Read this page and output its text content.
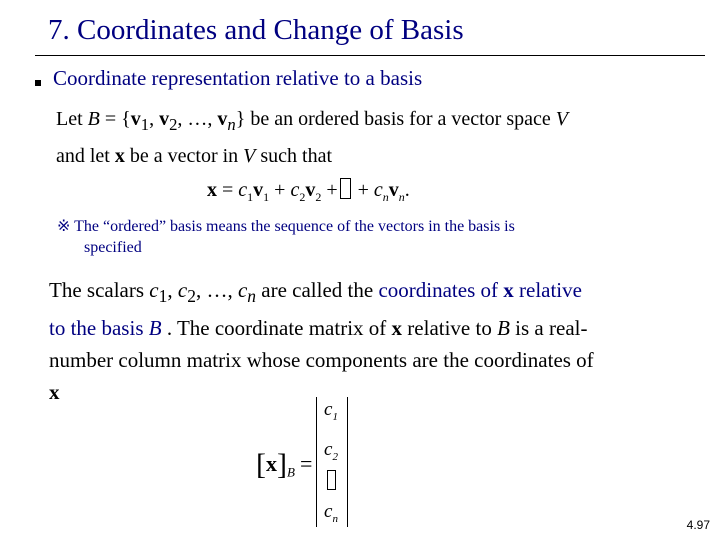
7. Coordinates and Change of Basis
Coordinate representation relative to a basis
Let $B = \{v_1$, $v_2$, …, $v_n$} be an ordered basis for a vector space V
and let x be a vector in V such that
$x = c_1v_1 + c_2v_2$ + + $c_nv_n$.
※ The “ordered” basis means the sequence of the vectors in the basis is
specified
The scalars $c_1$, $c_2$, …, $c_n$ are called the coordinates of x relative
to the basis B . The coordinate matrix of x relative to B is a real-
number column matrix whose components are the coordinates of
x
$[x]_B$ =
$c_1$
$c_2$
$c_n$	4.97
